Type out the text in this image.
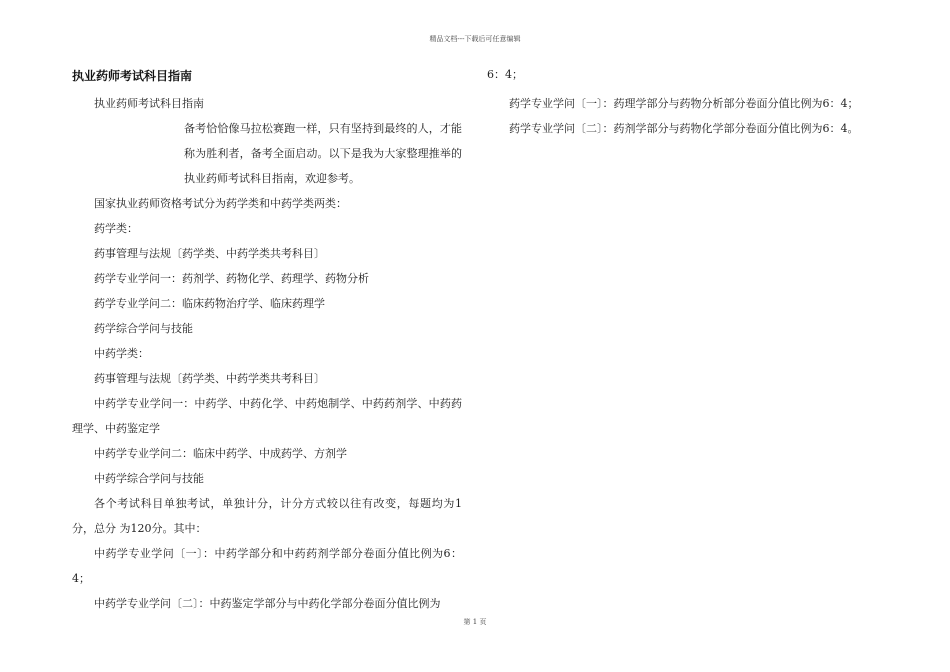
精品文档---下载后可任意编辑
执业药师考试科目指南

执业药师考试科目指南

备考恰恰像马拉松赛跑一样，只有坚持到最终的人，才能称为胜利者，备考全面启动。以下是我为大家整理推举的执业药师考试科目指南，欢迎参考。

国家执业药师资格考试分为药学类和中药学类两类：

药学类：

药事管理与法规〔药学类、中药学类共考科目〕

药学专业学问一：药剂学、药物化学、药理学、药物分析

药学专业学问二：临床药物治疗学、临床药理学

药学综合学问与技能

中药学类：

药事管理与法规〔药学类、中药学类共考科目〕

中药学专业学问一：中药学、中药化学、中药炮制学、中药药剂学、中药药理学、中药鉴定学

中药学专业学问二：临床中药学、中成药学、方剂学

中药学综合学问与技能

各个考试科目单独考试，单独计分，计分方式较以往有改变，每题均为1分，总分 为120分。其中：

中药学专业学问〔一〕：中药学部分和中药药剂学部分卷面分值比例为6：4；

中药学专业学问〔二〕：中药鉴定学部分与中药化学部分卷面分值比例为

6：4；

药学专业学问〔一〕：药理学部分与药物分析部分卷面分值比例为6：4；

药学专业学问〔二〕：药剂学部分与药物化学部分卷面分值比例为6：4。

第 1 页
